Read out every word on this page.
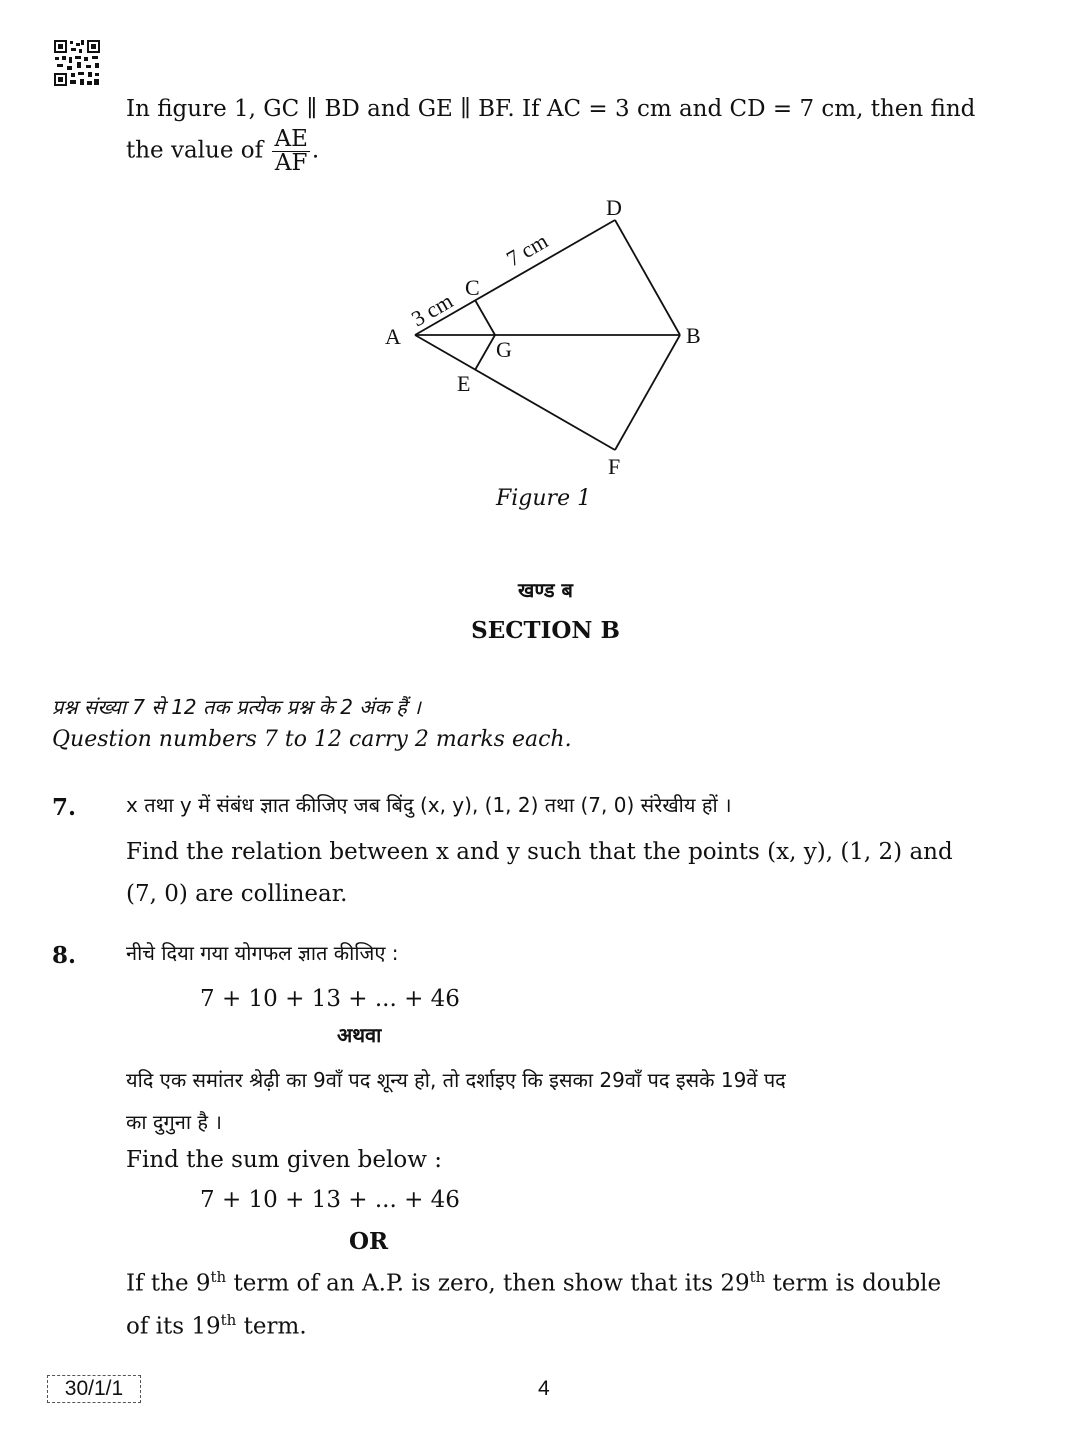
In figure 1, GC ∥ BD and GE ∥ BF. If AC = 3 cm and CD = 7 cm, then find
the value of $\frac{AE}{AF}$ .
A
D
B
F
C
G
E
3 cm
7 cm
Figure 1
खण्ड ब
SECTION B
प्रश्न संख्या 7 से 12 तक प्रत्येक प्रश्न के 2 अंक हैं ।
Question numbers 7 to 12 carry 2 marks each.
7. x तथा y में संबंध ज्ञात कीजिए जब बिंदु (x, y), (1, 2) तथा (7, 0) संरेखीय हों ।
Find the relation between x and y such that the points (x, y), (1, 2) and
(7, 0) are collinear.
8. नीचे दिया गया योगफल ज्ञात कीजिए :
7 + 10 + 13 + ... + 46
अथवा
यदि एक समांतर श्रेढ़ी का 9वाँ पद शून्य हो, तो दर्शाइए कि इसका 29वाँ पद इसके 19वें पद
का दुगुना है ।
Find the sum given below :
7 + 10 + 13 + ... + 46
OR
If the 9th term of an A.P. is zero, then show that its 29th term is double
of its 19th term.
30/1/1	4
